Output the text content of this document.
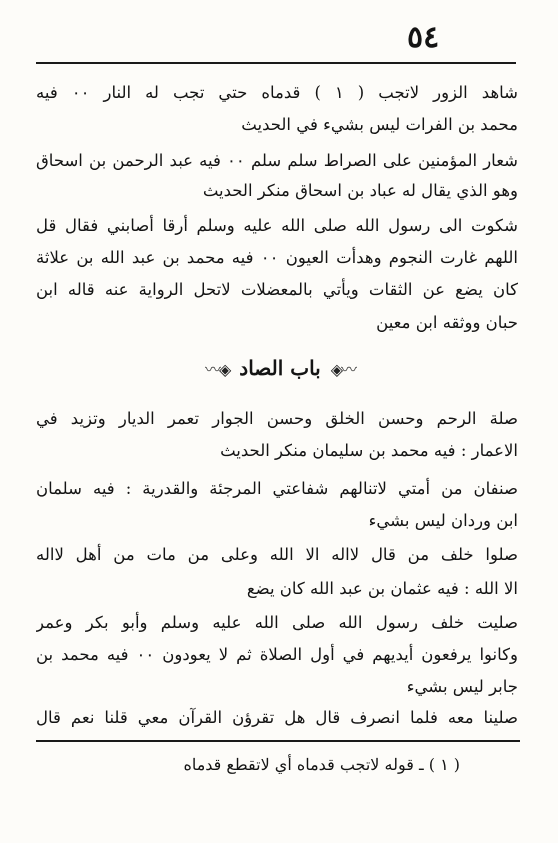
٥٤
شاهد الزور لاتجب ( ١ ) قدماه حتي تجب له النار ٠٠ فيه
محمد بن الفرات ليس بشيء في الحديث
شعار المؤمنين على الصراط سلم سلم ٠٠ فيه عبد الرحمن بن اسحاق
وهو الذي يقال له عباد بن اسحاق منكر الحديث
شكوت الى رسول الله صلى الله عليه وسلم أرقا أصابني فقال قل
اللهم غارت النجوم وهدأت العيون ٠٠ فيه محمد بن عبد الله بن علاثة
كان يضع عن الثقات ويأتي بالمعضلات لاتحل الرواية عنه قاله ابن
حبان ووثقه ابن معين
〰◈
باب الصاد
◈〰
صلة الرحم وحسن الخلق وحسن الجوار تعمر الديار وتزيد في
الاعمار : فيه محمد بن سليمان منكر الحديث
صنفان من أمتي لاتنالهم شفاعتي المرجئة والقدرية : فيه سلمان
ابن وردان ليس بشيء
صلوا خلف من قال لااله الا الله وعلى من مات من أهل لااله
الا الله : فيه عثمان بن عبد الله كان يضع
صليت خلف رسول الله صلى الله عليه وسلم وأبو بكر وعمر
وكانوا يرفعون أيديهم في أول الصلاة ثم لا يعودون ٠٠ فيه محمد بن
جابر ليس بشيء
صلينا معه فلما انصرف قال هل تقرؤن القرآن معي قلنا نعم قال
( ١ ) ـ قوله لاتجب قدماه أي لاتقطع قدماه
